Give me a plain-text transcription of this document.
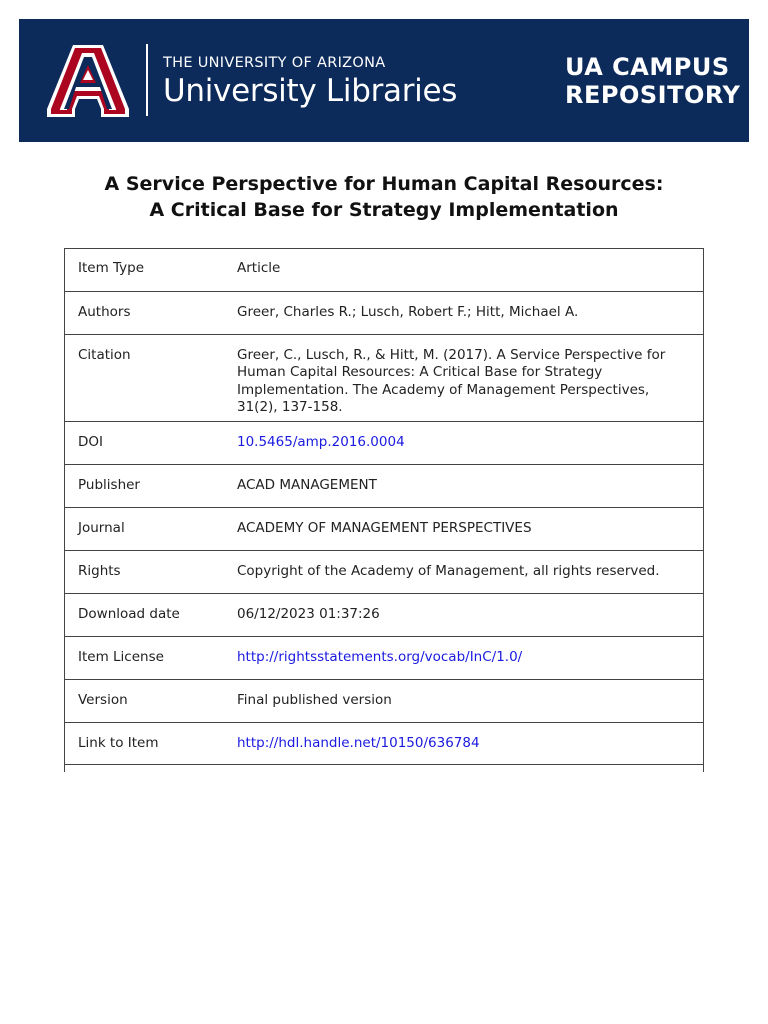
THE UNIVERSITY OF ARIZONA
University Libraries
UA CAMPUS
REPOSITORY
A Service Perspective for Human Capital Resources:
A Critical Base for Strategy Implementation
Item Type	Article
Authors	Greer, Charles R.; Lusch, Robert F.; Hitt, Michael A.
Citation	Greer, C., Lusch, R., & Hitt, M. (2017). A Service Perspective for Human Capital Resources: A Critical Base for Strategy Implementation. The Academy of Management Perspectives, 31(2), 137-158.
DOI	10.5465/amp.2016.0004
Publisher	ACAD MANAGEMENT
Journal	ACADEMY OF MANAGEMENT PERSPECTIVES
Rights	Copyright of the Academy of Management, all rights reserved.
Download date	06/12/2023 01:37:26
Item License	http://rightsstatements.org/vocab/InC/1.0/
Version	Final published version
Link to Item	http://hdl.handle.net/10150/636784
